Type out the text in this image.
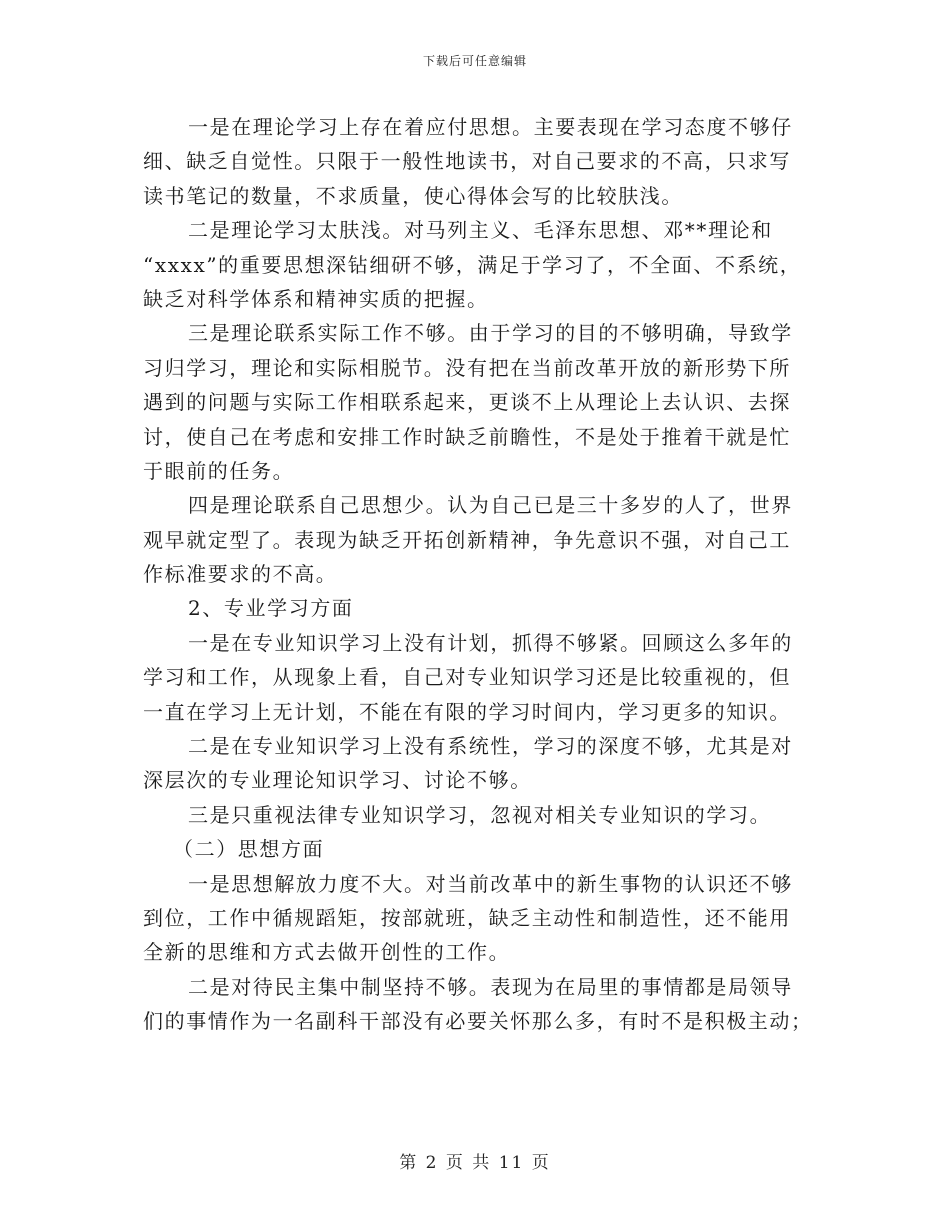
下载后可任意编辑
一是在理论学习上存在着应付思想。主要表现在学习态度不够仔
细、缺乏自觉性。只限于一般性地读书，对自己要求的不高，只求写
读书笔记的数量，不求质量，使心得体会写的比较肤浅。
二是理论学习太肤浅。对马列主义、毛泽东思想、邓**理论和
“xxxx”的重要思想深钻细研不够，满足于学习了，不全面、不系统，
缺乏对科学体系和精神实质的把握。
三是理论联系实际工作不够。由于学习的目的不够明确，导致学
习归学习，理论和实际相脱节。没有把在当前改革开放的新形势下所
遇到的问题与实际工作相联系起来，更谈不上从理论上去认识、去探
讨，使自己在考虑和安排工作时缺乏前瞻性，不是处于推着干就是忙
于眼前的任务。
四是理论联系自己思想少。认为自己已是三十多岁的人了，世界
观早就定型了。表现为缺乏开拓创新精神，争先意识不强，对自己工
作标准要求的不高。
2、专业学习方面
一是在专业知识学习上没有计划，抓得不够紧。回顾这么多年的
学习和工作，从现象上看，自己对专业知识学习还是比较重视的，但
一直在学习上无计划，不能在有限的学习时间内，学习更多的知识。
二是在专业知识学习上没有系统性，学习的深度不够，尤其是对
深层次的专业理论知识学习、讨论不够。
三是只重视法律专业知识学习，忽视对相关专业知识的学习。
（二）思想方面
一是思想解放力度不大。对当前改革中的新生事物的认识还不够
到位，工作中循规蹈矩，按部就班，缺乏主动性和制造性，还不能用
全新的思维和方式去做开创性的工作。
二是对待民主集中制坚持不够。表现为在局里的事情都是局领导
们的事情作为一名副科干部没有必要关怀那么多，有时不是积极主动；
第 2 页 共 11 页
